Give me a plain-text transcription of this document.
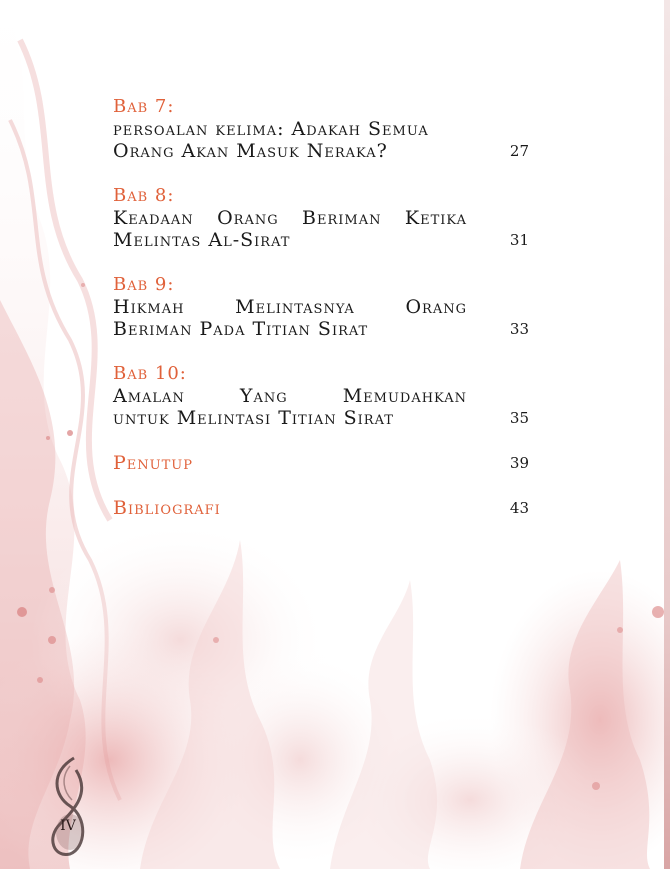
IV
Bab 7:
persoalan kelima: Adakah Semua
Orang Akan Masuk Neraka?	27
Bab 8:
Keadaan Orang Beriman Ketika
Melintas Al-Sirat	31
Bab 9:
Hikmah	Melintasnya	Orang
Beriman Pada Titian Sirat	33
Bab 10:
Amalan	Yang	Memudahkan
untuk Melintasi Titian Sirat	35
Penutup	39
Bibliografi	43
